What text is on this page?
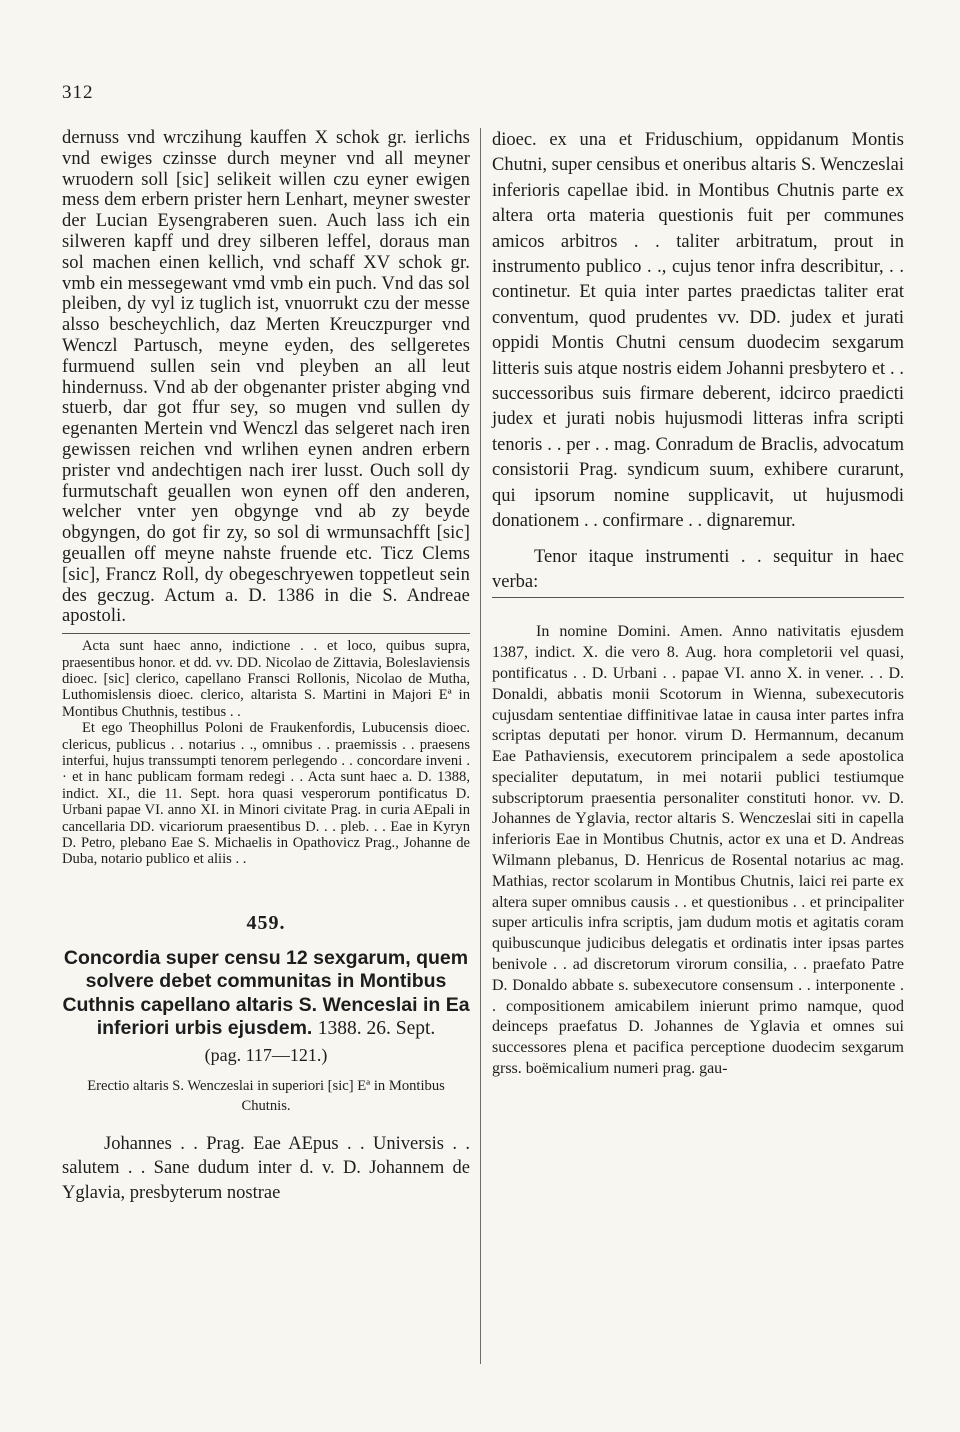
312

dernuss vnd wrczihung kauffen X schok gr. ierlichs vnd ewiges czinsse durch meyner vnd all meyner wruodern soll [sic] selikeit willen czu eyner ewigen mess dem erbern prister hern Lenhart, meyner swester der Lucian Eysengraberen suen. Auch lass ich ein silweren kapff und drey silberen leffel, doraus man sol machen einen kellich, vnd schaff XV schok gr. vmb ein messegewant vmd vmb ein puch. Vnd das sol pleiben, dy vyl iz tuglich ist, vnuorrukt czu der messe alsso bescheychlich, daz Merten Kreuczpurger vnd Wenczl Partusch, meyne eyden, des sellgeretes furmuend sullen sein vnd pleyben an all leut hindernuss. Vnd ab der obgenanter prister abging vnd stuerb, dar got ffur sey, so mugen vnd sullen dy egenanten Mertein vnd Wenczl das selgeret nach iren gewissen reichen vnd wrlihen eynen andren erbern prister vnd andechtigen nach irer lusst. Ouch soll dy furmutschaft geuallen won eynen off den anderen, welcher vnter yen obgynge vnd ab zy beyde obgyngen, do got fir zy, so sol di wrmunsachfft [sic] geuallen off meyne nahste fruende etc. Ticz Clems [sic], Francz Roll, dy obegeschryewen toppetleut sein des geczug. Actum a. D. 1386 in die S. Andreae apostoli.

Acta sunt haec anno, indictione . . et loco, quibus supra, praesentibus honor. et dd. vv. DD. Nicolao de Zittavia, Boleslaviensis dioec. [sic] clerico, capellano Fransci Rollonis, Nicolao de Mutha, Luthomislensis dioec. clerico, altarista S. Martini in Majori Eª in Montibus Chuthnis, testibus . .

Et ego Theophillus Poloni de Fraukenfordis, Lubucensis dioec. clericus, publicus . . notarius . ., omnibus . . praemissis . . praesens interfui, hujus transsumpti tenorem perlegendo . . concordare inveni . · et in hanc publicam formam redegi . . Acta sunt haec a. D. 1388, indict. XI., die 11. Sept. hora quasi vesperorum pontificatus D. Urbani papae VI. anno XI. in Minori civitate Prag. in curia AEpali in cancellaria DD. vicariorum praesentibus D. . . pleb. . . Eae in Kyryn D. Petro, plebano Eae S. Michaelis in Opathovicz Prag., Johanne de Duba, notario publico et aliis . .

459.
Concordia super censu 12 sexgarum, quem solvere debet communitas in Montibus Cuthnis capellano altaris S. Wenceslai in Ea inferiori urbis ejusdem. 1388. 26. Sept.
(pag. 117—121.)
Erectio altaris S. Wenczeslai in superiori [sic] Eª in Montibus Chutnis.

Johannes . . Prag. Eae AEpus . . Universis . . salutem . . Sane dudum inter d. v. D. Johannem de Yglavia, presbyterum nostrae

dioec. ex una et Friduschium, oppidanum Montis Chutni, super censibus et oneribus altaris S. Wenczeslai inferioris capellae ibid. in Montibus Chutnis parte ex altera orta materia questionis fuit per communes amicos arbitros . . taliter arbitratum, prout in instrumento publico . ., cujus tenor infra describitur, . . continetur. Et quia inter partes praedictas taliter erat conventum, quod prudentes vv. DD. judex et jurati oppidi Montis Chutni censum duodecim sexgarum litteris suis atque nostris eidem Johanni presbytero et . . successoribus suis firmare deberent, idcirco praedicti judex et jurati nobis hujusmodi litteras infra scripti tenoris . . per . . mag. Conradum de Braclis, advocatum consistorii Prag. syndicum suum, exhibere curarunt, qui ipsorum nomine supplicavit, ut hujusmodi donationem . . confirmare . . dignaremur.

Tenor itaque instrumenti . . sequitur in haec verba:

In nomine Domini. Amen. Anno nativitatis ejusdem 1387, indict. X. die vero 8. Aug. hora completorii vel quasi, pontificatus . . D. Urbani . . papae VI. anno X. in vener. . . D. Donaldi, abbatis monii Scotorum in Wienna, subexecutoris cujusdam sententiae diffinitivae latae in causa inter partes infra scriptas deputati per honor. virum D. Hermannum, decanum Eae Pathaviensis, executorem principalem a sede apostolica specialiter deputatum, in mei notarii publici testiumque subscriptorum praesentia personaliter constituti honor. vv. D. Johannes de Yglavia, rector altaris S. Wenczeslai siti in capella inferioris Eae in Montibus Chutnis, actor ex una et D. Andreas Wilmann plebanus, D. Henricus de Rosental notarius ac mag. Mathias, rector scolarum in Montibus Chutnis, laici rei parte ex altera super omnibus causis . . et questionibus . . et principaliter super articulis infra scriptis, jam dudum motis et agitatis coram quibuscunque judicibus delegatis et ordinatis inter ipsas partes benivole . . ad discretorum virorum consilia, . . praefato Patre D. Donaldo abbate s. subexecutore consensum . . interponente . . compositionem amicabilem inierunt primo namque, quod deinceps praefatus D. Johannes de Yglavia et omnes sui successores plena et pacifica perceptione duodecim sexgarum grss. boëmicalium numeri prag. gau-
